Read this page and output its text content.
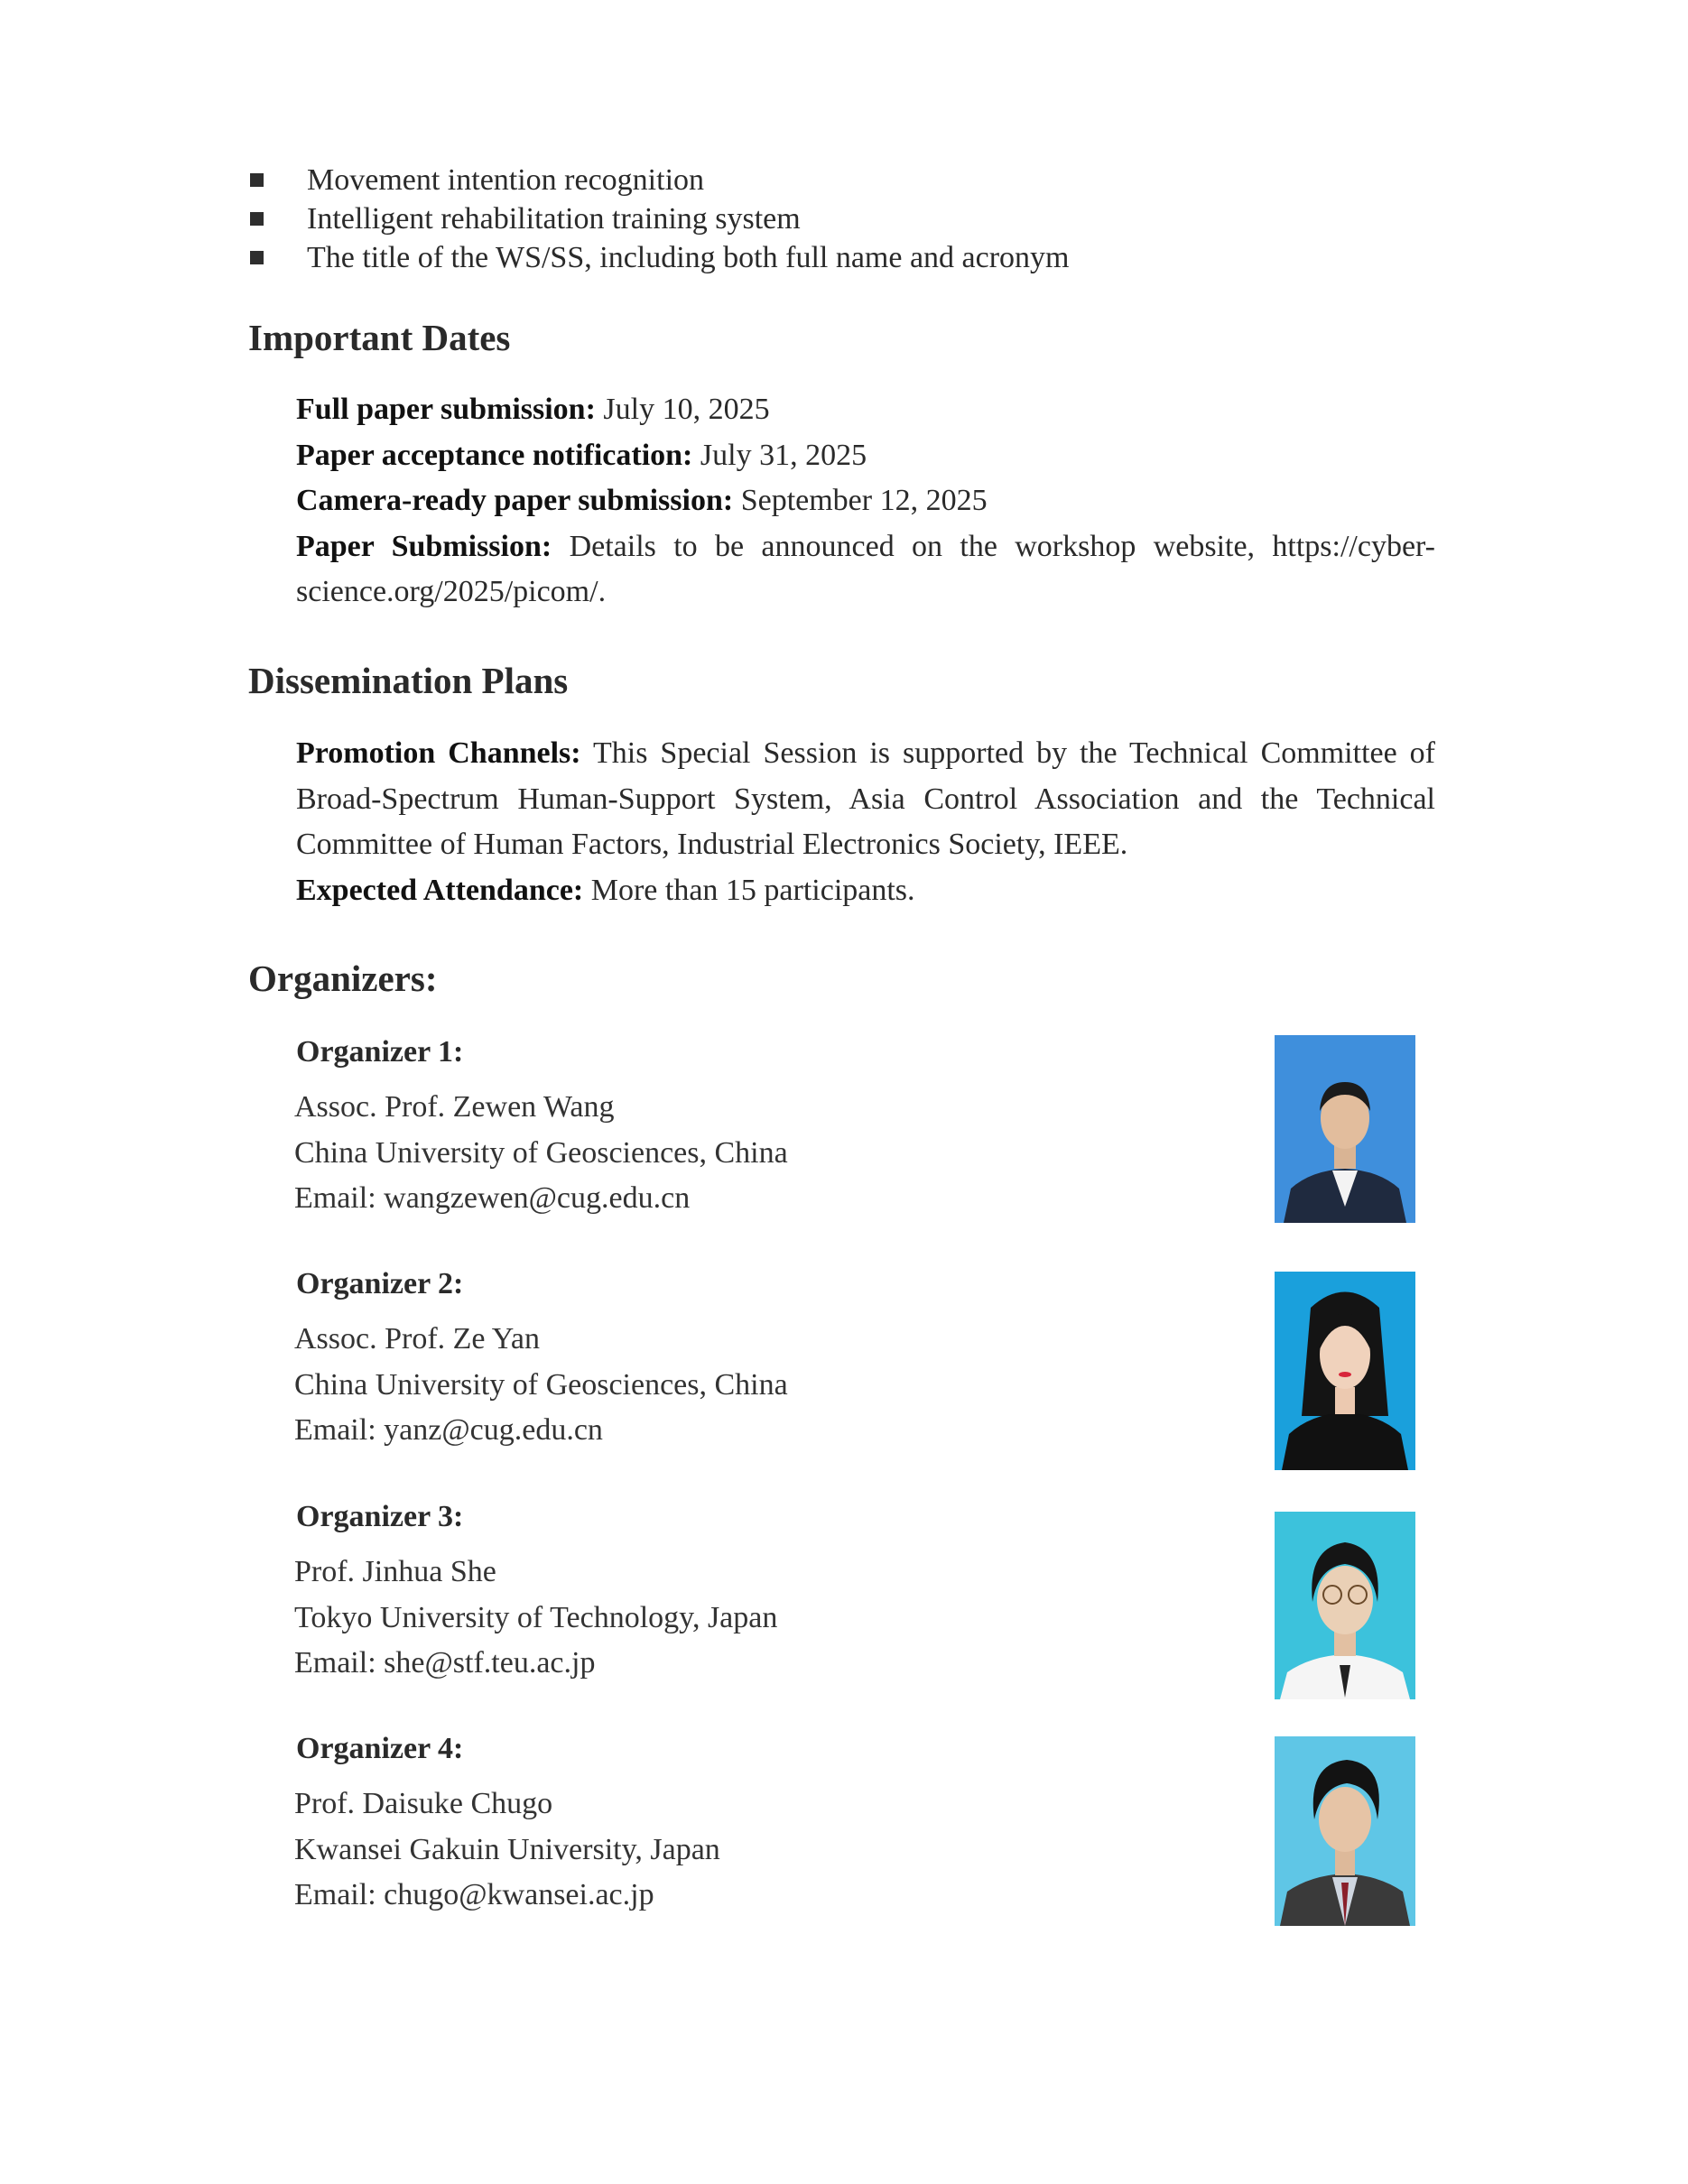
Movement intention recognition
Intelligent rehabilitation training system
The title of the WS/SS, including both full name and acronym
Important Dates

Full paper submission: July 10, 2025

Paper acceptance notification: July 31, 2025

Camera-ready paper submission: September 12, 2025

Paper Submission: Details to be announced on the workshop website, https://cyber-science.org/2025/picom/.

Dissemination Plans

Promotion Channels: This Special Session is supported by the Technical Committee of Broad-Spectrum Human-Support System, Asia Control Association and the Technical Committee of Human Factors, Industrial Electronics Society, IEEE.

Expected Attendance: More than 15 participants.

Organizers:
Organizer 1:
Assoc. Prof. Zewen Wang
China University of Geosciences, China
Email: wangzewen@cug.edu.cn
Organizer 2:
Assoc. Prof. Ze Yan
China University of Geosciences, China
Email: yanz@cug.edu.cn
Organizer 3:
Prof. Jinhua She
Tokyo University of Technology, Japan
Email: she@stf.teu.ac.jp
Organizer 4:
Prof. Daisuke Chugo
Kwansei Gakuin University, Japan
Email: chugo@kwansei.ac.jp
